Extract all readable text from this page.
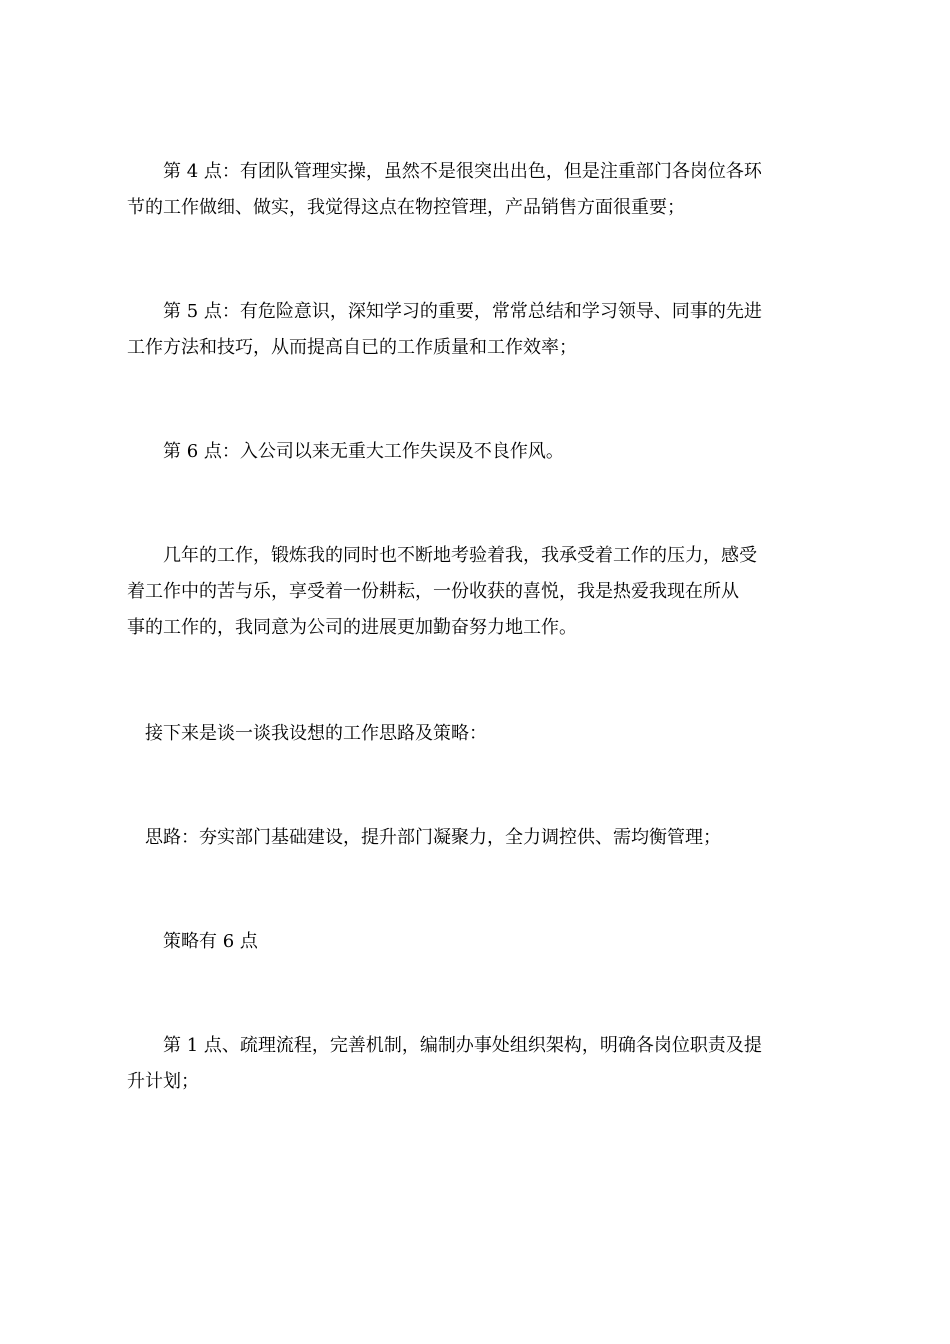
第 4 点：有团队管理实操，虽然不是很突出出色，但是注重部门各岗位各环
节的工作做细、做实，我觉得这点在物控管理，产品销售方面很重要；

第 5 点：有危险意识，深知学习的重要，常常总结和学习领导、同事的先进
工作方法和技巧，从而提高自已的工作质量和工作效率；

第 6 点：入公司以来无重大工作失误及不良作风。

几年的工作，锻炼我的同时也不断地考验着我，我承受着工作的压力，感受
着工作中的苦与乐，享受着一份耕耘，一份收获的喜悦，我是热爱我现在所从
事的工作的，我同意为公司的进展更加勤奋努力地工作。

接下来是谈一谈我设想的工作思路及策略：

思路：夯实部门基础建设，提升部门凝聚力，全力调控供、需均衡管理；

策略有 6 点

第 1 点、疏理流程，完善机制，编制办事处组织架构，明确各岗位职责及提
升计划；
